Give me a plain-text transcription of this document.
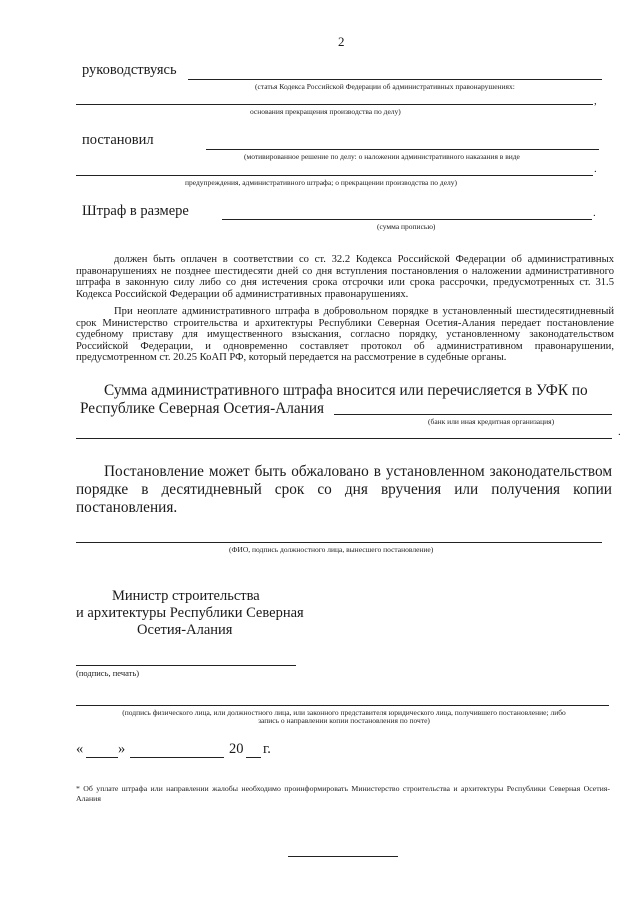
2
руководствуясь
(статья Кодекса Российской Федерации об административных правонарушениях:
,
основания прекращения производства по делу)
постановил
(мотивированное решение по делу: о наложении административного наказания в виде
.
предупреждения, административного штрафа; о прекращении производства по делу)
Штраф в размере	.
(сумма прописью)
должен быть оплачен в соответствии со ст. 32.2 Кодекса Российской Федерации об административных правонарушениях не позднее шестидесяти дней со дня вступления постановления о наложении административного штрафа в законную силу либо со дня истечения срока отсрочки или срока рассрочки, предусмотренных ст. 31.5 Кодекса Российской Федерации об административных правонарушениях.
При неоплате административного штрафа в добровольном порядке в установленный шестидесятидневный срок Министерство строительства и архитектуры Республики Северная Осетия-Алания передает постановление судебному приставу для имущественного взыскания, согласно порядку, установленному законодательством Российской Федерации, и одновременно составляет протокол об административном правонарушении, предусмотренном ст. 20.25 КоАП РФ, который передается на рассмотрение в судебные органы.
Сумма административного штрафа вносится или перечисляется в УФК по
Республике Северная Осетия-Алания
(банк или иная кредитная организация)
.
Постановление может быть обжаловано в установленном законодательством порядке в десятидневный срок со дня вручения или получения копии постановления.
(ФИО, подпись должностного лица, вынесшего постановление)
Министр строительства
и архитектуры Республики Северная
Осетия-Алания
(подпись, печать)
(подпись физического лица, или должностного лица, или законного представителя юридического лица, получившего постановление; либо
запись о направлении копии постановления по почте)
« »	20 г.
* Об уплате штрафа или направлении жалобы необходимо проинформировать Министерство строительства и архитектуры Республики Северная Осетия-Алания
